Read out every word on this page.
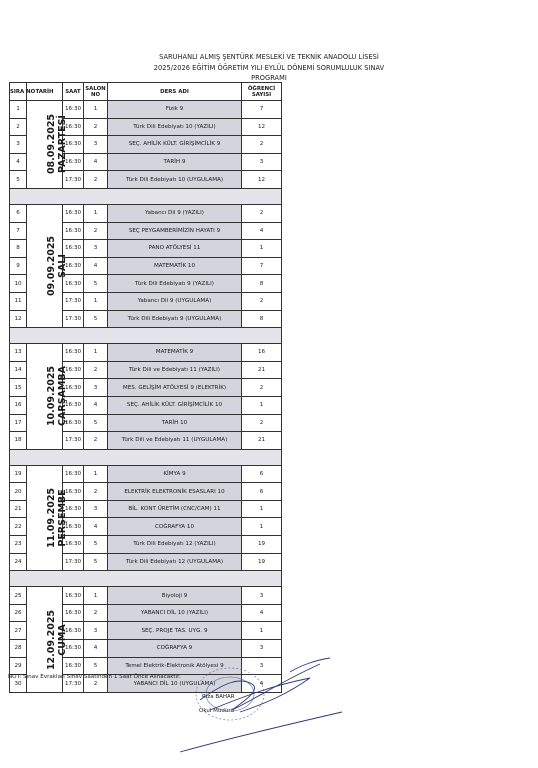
SARUHANLI ALMIŞ ŞENTÜRK MESLEKİ VE TEKNİK ANADOLU LİSESİ
2025/2026 EĞİTİM ÖĞRETİM YILI EYLÜL DÖNEMİ SORUMLULUK SINAV
PROGRAMI
SIRA NO	TARİH	SAAT	SALON NO	DERS ADI	ÖĞRENCİ SAYISI
1	08.09.2025 PAZARTESİ	16:30	1	Fizik 9	7
2		16:30	2	Türk Dili Edebiyatı 10 (YAZILI)	12
3		16:30	3	SEÇ. AHİLİK KÜLT. GİRİŞİMCİLİK 9	2
4		16:30	4	TARİH 9	3
5		17:30	2	Türk Dili Edebiyatı 10 (UYGULAMA)	12

6	09.09.2025 SALI	16:30	1	Yabancı Dil 9 (YAZILI)	2
7		16:30	2	SEÇ PEYGAMBERİMİZİN HAYATI 9	4
8		16:30	3	PANO ATÖLYESİ 11	1
9		16:30	4	MATEMATİK 10	7
10		16:30	5	Türk Dili Edebiyatı 9 (YAZILI)	8
11		17:30	1	Yabancı Dil 9 (UYGULAMA)	2
12		17:30	5	Türk Dili Edebiyatı 9 (UYGULAMA)	8

13	10.09.2025 ÇARŞAMBA	16:30	1	MATEMATİK 9	16
14		16:30	2	Türk Dili ve Edebiyatı 11 (YAZILI)	21
15		16:30	3	MES. GELİŞİM ATÖLYESİ 9 (ELEKTRİK)	2
16		16:30	4	SEÇ. AHİLİK KÜLT. GİRİŞİMCİLİK 10	1
17		16:30	5	TARİH 10	2
18		17:30	2	Türk Dili ve Edebiyatı 11 (UYGULAMA)	21

19	11.09.2025 PERŞEMBE	16:30	1	KİMYA 9	6
20		16:30	2	ELEKTRİK ELEKTRONİK ESASLARI 10	6
21		16:30	3	BİL. KONT ÜRETİM (CNC/CAM) 11	1
22		16:30	4	COĞRAFYA 10	1
23		16:30	5	Türk Dili Edebiyatı 12 (YAZILI)	19
24		17:30	5	Türk Dili Edebiyatı 12 (UYGULAMA)	19

25	12.09.2025 CUMA	16:30	1	Biyoloji 9	3
26		16:30	2	YABANCI DİL 10 (YAZILI)	4
27		16:30	3	SEÇ. PROJE TAS. UYG. 9	1
28		16:30	4	COĞRAFYA 9	3
29		16:30	5	Temel Elektrik-Elektronik Atölyesi 9	3
30		17:30	2	YABANCI DİL 10 (UYGULAMA)	4
NOT: Sınav Evrakları Sınav Saatinden 1 Saat Önce Alınacaktır.
Rıza BAHAR
Okul Müdürü
